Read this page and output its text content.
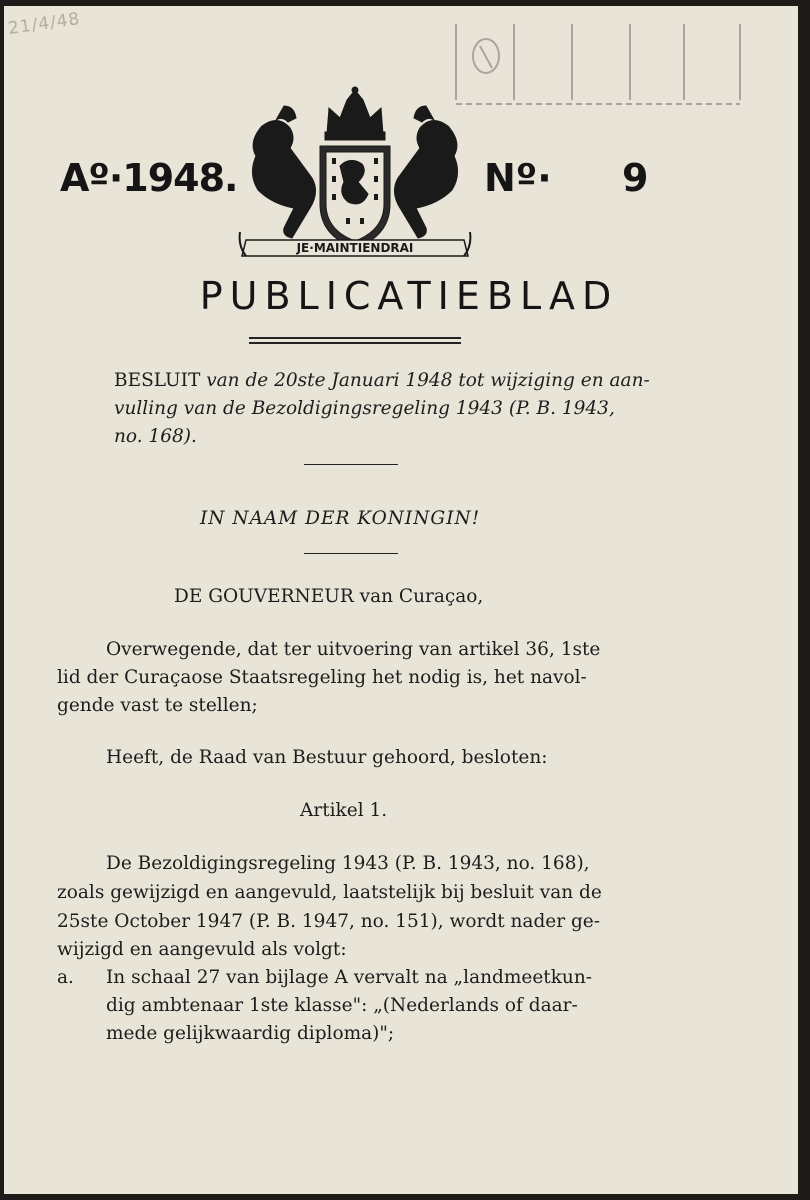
21/4/48
Aº·1948.
JE·MAINTIENDRAI
Nº· 9
PUBLICATIEBLAD
BESLUIT van de 20ste Januari 1948 tot wijziging en aan-
vulling van de Bezoldigingsregeling 1943 (P. B. 1943,
no. 168).
IN NAAM DER KONINGIN!
DE GOUVERNEUR van Curaçao,
Overwegende, dat ter uitvoering van artikel 36, 1ste
lid der Curaçaose Staatsregeling het nodig is, het navol-
gende vast te stellen;
Heeft, de Raad van Bestuur gehoord, besloten:
Artikel 1.
De Bezoldigingsregeling 1943 (P. B. 1943, no. 168),
zoals gewijzigd en aangevuld, laatstelijk bij besluit van de
25ste October 1947 (P. B. 1947, no. 151), wordt nader ge-
wijzigd en aangevuld als volgt:
a. In schaal 27 van bijlage A vervalt na „landmeetkun-
dig ambtenaar 1ste klasse": „(Nederlands of daar-
mede gelijkwaardig diploma)";
